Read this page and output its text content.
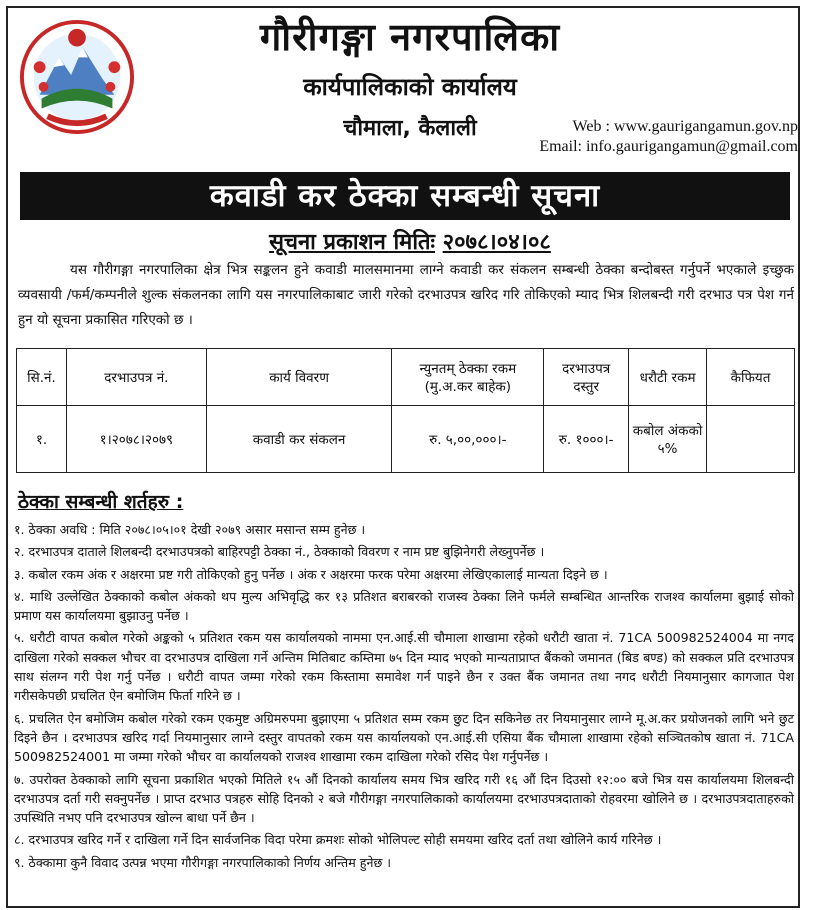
गौरीगङ्गा नगरपालिका
कार्यपालिकाको कार्यालय
चौमाला, कैलाली	Web : www.gaurigangamun.gov.np
Email: info.gaurigangamun@gmail.com
कवाडी कर ठेक्का सम्बन्धी सूचना
सूचना प्रकाशन मितिः २०७८।०४।०८
यस गौरीगङ्गा नगरपालिका क्षेत्र भित्र सङ्कलन हुने कवाडी मालसमानमा लाग्ने कवाडी कर संकलन सम्बन्धी ठेक्का बन्दोबस्त गर्नुपर्ने भएकाले इच्छुक व्यवसायी /फर्म/कम्पनीले शुल्क संकलनका लागि यस नगरपालिकाबाट जारी गरेको दरभाउपत्र खरिद गरि तोकिएको म्याद भित्र शिलबन्दी गरी दरभाउ पत्र पेश गर्न हुन यो सूचना प्रकासित गरिएको छ ।
सि.नं.	दरभाउपत्र नं.	कार्य विवरण	न्युनतम् ठेक्का रकम (मु.अ.कर बाहेक)	दरभाउपत्र दस्तुर	धरौटी रकम	कैफियत
१.	१।२०७८।२०७९	कवाडी कर संकलन	रु. ५,००,०००।-	रु. १०००।-	कबोल अंकको ५%	
ठेक्का सम्बन्धी शर्तहरु :
१. ठेक्का अवधि : मिति २०७८।०५।०१ देखी २०७९ असार मसान्त सम्म हुनेछ ।
२. दरभाउपत्र दाताले शिलबन्दी दरभाउपत्रको बाहिरपट्टी ठेक्का नं., ठेक्काको विवरण र नाम प्रष्ट बुझिनेगरी लेख्नुपर्नेछ ।
३. कबोल रकम अंक र अक्षरमा प्रष्ट गरी तोकिएको हुनु पर्नेछ । अंक र अक्षरमा फरक परेमा अक्षरमा लेखिएकालाई मान्यता दिइने छ ।
४. माथि उल्लेखित ठेक्काको कबोल अंकको थप मुल्य अभिवृद्धि कर १३ प्रतिशत बराबरको राजस्व ठेक्का लिने फर्मले सम्बन्धित आन्तरिक राजश्व कार्यालमा बुझाई सोको प्रमाण यस कार्यालयमा बुझाउनु पर्नेछ ।
५. धरौटी वापत कबोल गरेको अङ्कको ५ प्रतिशत रकम यस कार्यालयको नाममा एन.आई.सी चौमाला शाखामा रहेको धरौटी खाता नं. 71CA 500982524004 मा नगद दाखिला गरेको सक्कल भौचर वा दरभाउपत्र दाखिला गर्ने अन्तिम मितिबाट कम्तिमा ७५ दिन म्याद भएको मान्यताप्राप्त बैंकको जमानत (बिड बण्ड) को सक्कल प्रति दरभाउपत्र साथ संलग्न गरी पेश गर्नु पर्नेछ । धरौटी वापत जम्मा गरेको रकम किस्तामा समावेश गर्न पाइने छैन र उक्त बैंक जमानत तथा नगद धरौटी नियमानुसार कागजात पेश गरीसकेपछी प्रचलित ऐन बमोजिम फिर्ता गरिने छ ।
६. प्रचलित ऐन बमोजिम कबोल गरेको रकम एकमुष्ट अग्रिमरुपमा बुझाएमा ५ प्रतिशत सम्म रकम छुट दिन सकिनेछ तर नियमानुसार लाग्ने मू.अ.कर प्रयोजनको लागि भने छुट दिइने छैन । दरभाउपत्र खरिद गर्दा नियमानुसार लाग्ने दस्तुर वापतको रकम यस कार्यालयको एन.आई.सी एसिया बैंक चौमाला शाखामा रहेको सञ्चितकोष खाता नं. 71CA 500982524001 मा जम्मा गरेको भौचर वा कार्यालयको राजश्व शाखामा रकम दाखिला गरेको रसिद पेश गर्नुपर्नेछ ।
७. उपरोक्त ठेक्काको लागि सूचना प्रकाशित भएको मितिले १५ औं दिनको कार्यालय समय भित्र खरिद गरी १६ औं दिन दिउसो १२:०० बजे भित्र यस कार्यालयमा शिलबन्दी दरभाउपत्र दर्ता गरी सक्नुपर्नेछ । प्राप्त दरभाउ पत्रहरु सोहि दिनको २ बजे गौरीगङ्गा नगरपालिकाको कार्यालयमा दरभाउपत्रदाताको रोहवरमा खोलिने छ । दरभाउपत्रदाताहरुको उपस्थिति नभए पनि दरभाउपत्र खोल्न बाधा पर्ने छैन ।
८. दरभाउपत्र खरिद गर्ने र दाखिला गर्ने दिन सार्वजनिक विदा परेमा क्रमशः सोको भोलिपल्ट सोही समयमा खरिद दर्ता तथा खोलिने कार्य गरिनेछ ।
९. ठेक्कामा कुनै विवाद उत्पन्न भएमा गौरीगङ्गा नगरपालिकाको निर्णय अन्तिम हुनेछ ।
